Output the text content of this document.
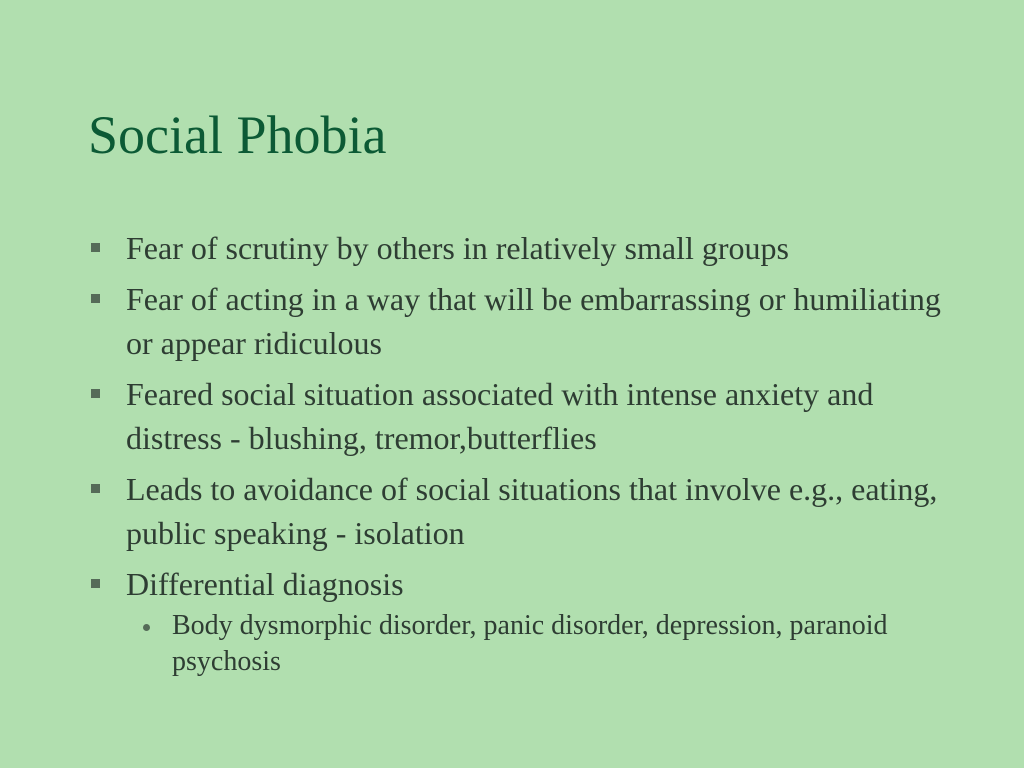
Social Phobia
Fear of scrutiny by others in relatively small groups
Fear of acting in a way that will be embarrassing or humiliating or appear ridiculous
Feared social situation associated with intense anxiety and distress - blushing, tremor,butterflies
Leads to avoidance of social situations that involve e.g., eating, public speaking - isolation
Differential diagnosis
Body dysmorphic disorder, panic disorder, depression, paranoid psychosis
